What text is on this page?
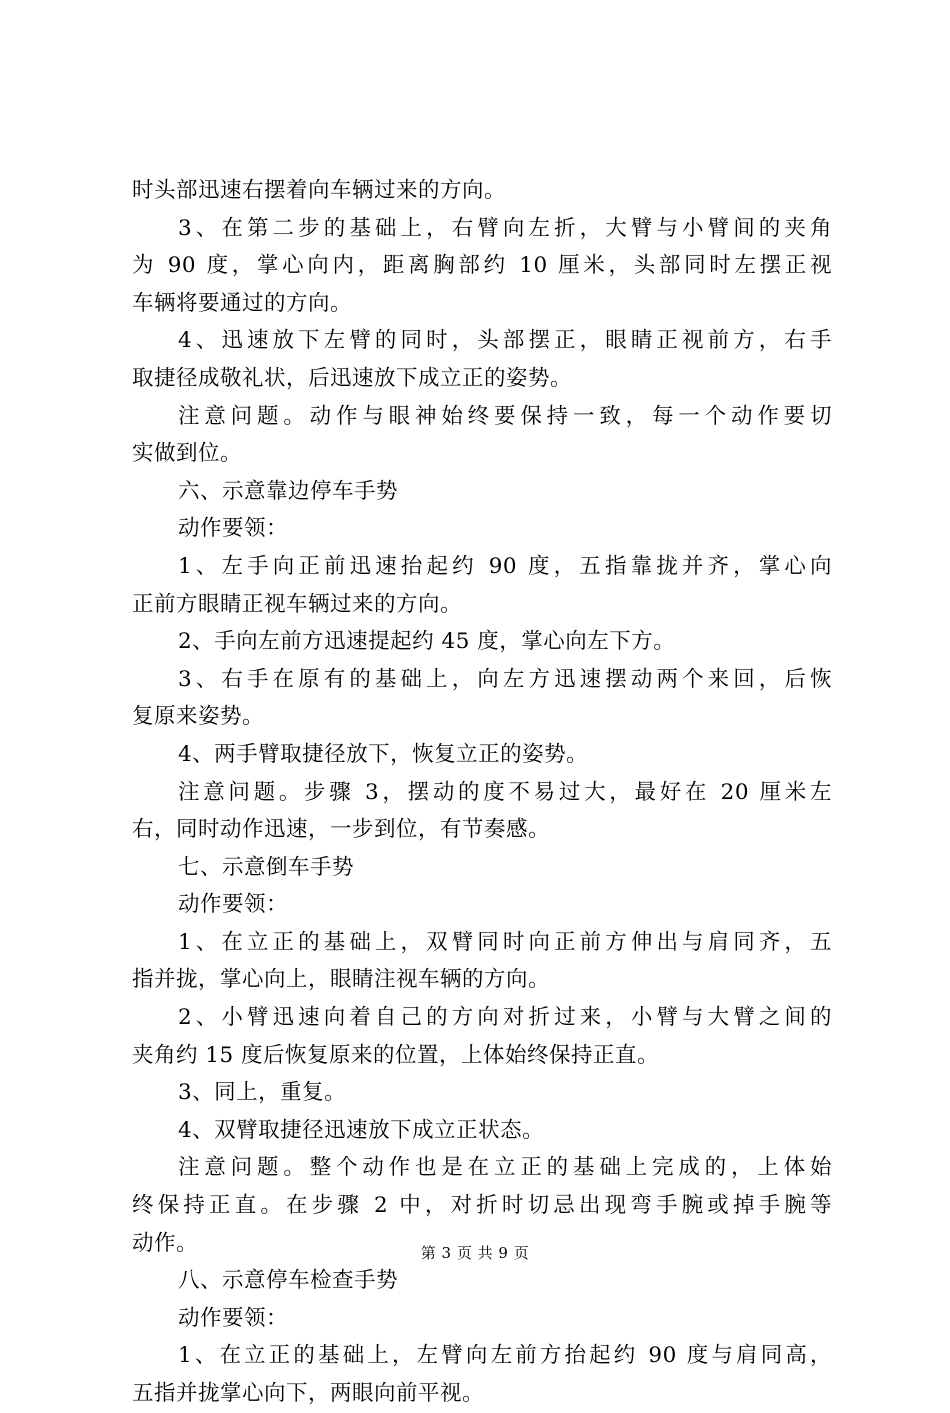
时头部迅速右摆着向车辆过来的方向。
3、在第二步的基础上，右臂向左折，大臂与小臂间的夹角
为 90 度，掌心向内，距离胸部约 10 厘米，头部同时左摆正视
车辆将要通过的方向。
4、迅速放下左臂的同时，头部摆正，眼睛正视前方，右手
取捷径成敬礼状，后迅速放下成立正的姿势。
注意问题。动作与眼神始终要保持一致，每一个动作要切
实做到位。
六、示意靠边停车手势
动作要领：
1、左手向正前迅速抬起约 90 度，五指靠拢并齐，掌心向
正前方眼睛正视车辆过来的方向。
2、手向左前方迅速提起约 45 度，掌心向左下方。
3、右手在原有的基础上，向左方迅速摆动两个来回，后恢
复原来姿势。
4、两手臂取捷径放下，恢复立正的姿势。
注意问题。步骤 3，摆动的度不易过大，最好在 20 厘米左
右，同时动作迅速，一步到位，有节奏感。
七、示意倒车手势
动作要领：
1、在立正的基础上，双臂同时向正前方伸出与肩同齐，五
指并拢，掌心向上，眼睛注视车辆的方向。
2、小臂迅速向着自己的方向对折过来，小臂与大臂之间的
夹角约 15 度后恢复原来的位置，上体始终保持正直。
3、同上，重复。
4、双臂取捷径迅速放下成立正状态。
注意问题。整个动作也是在立正的基础上完成的，上体始
终保持正直。在步骤 2 中，对折时切忌出现弯手腕或掉手腕等
动作。
八、示意停车检查手势
动作要领：
1、在立正的基础上，左臂向左前方抬起约 90 度与肩同高，
五指并拢掌心向下，两眼向前平视。
第 3 页 共 9 页
